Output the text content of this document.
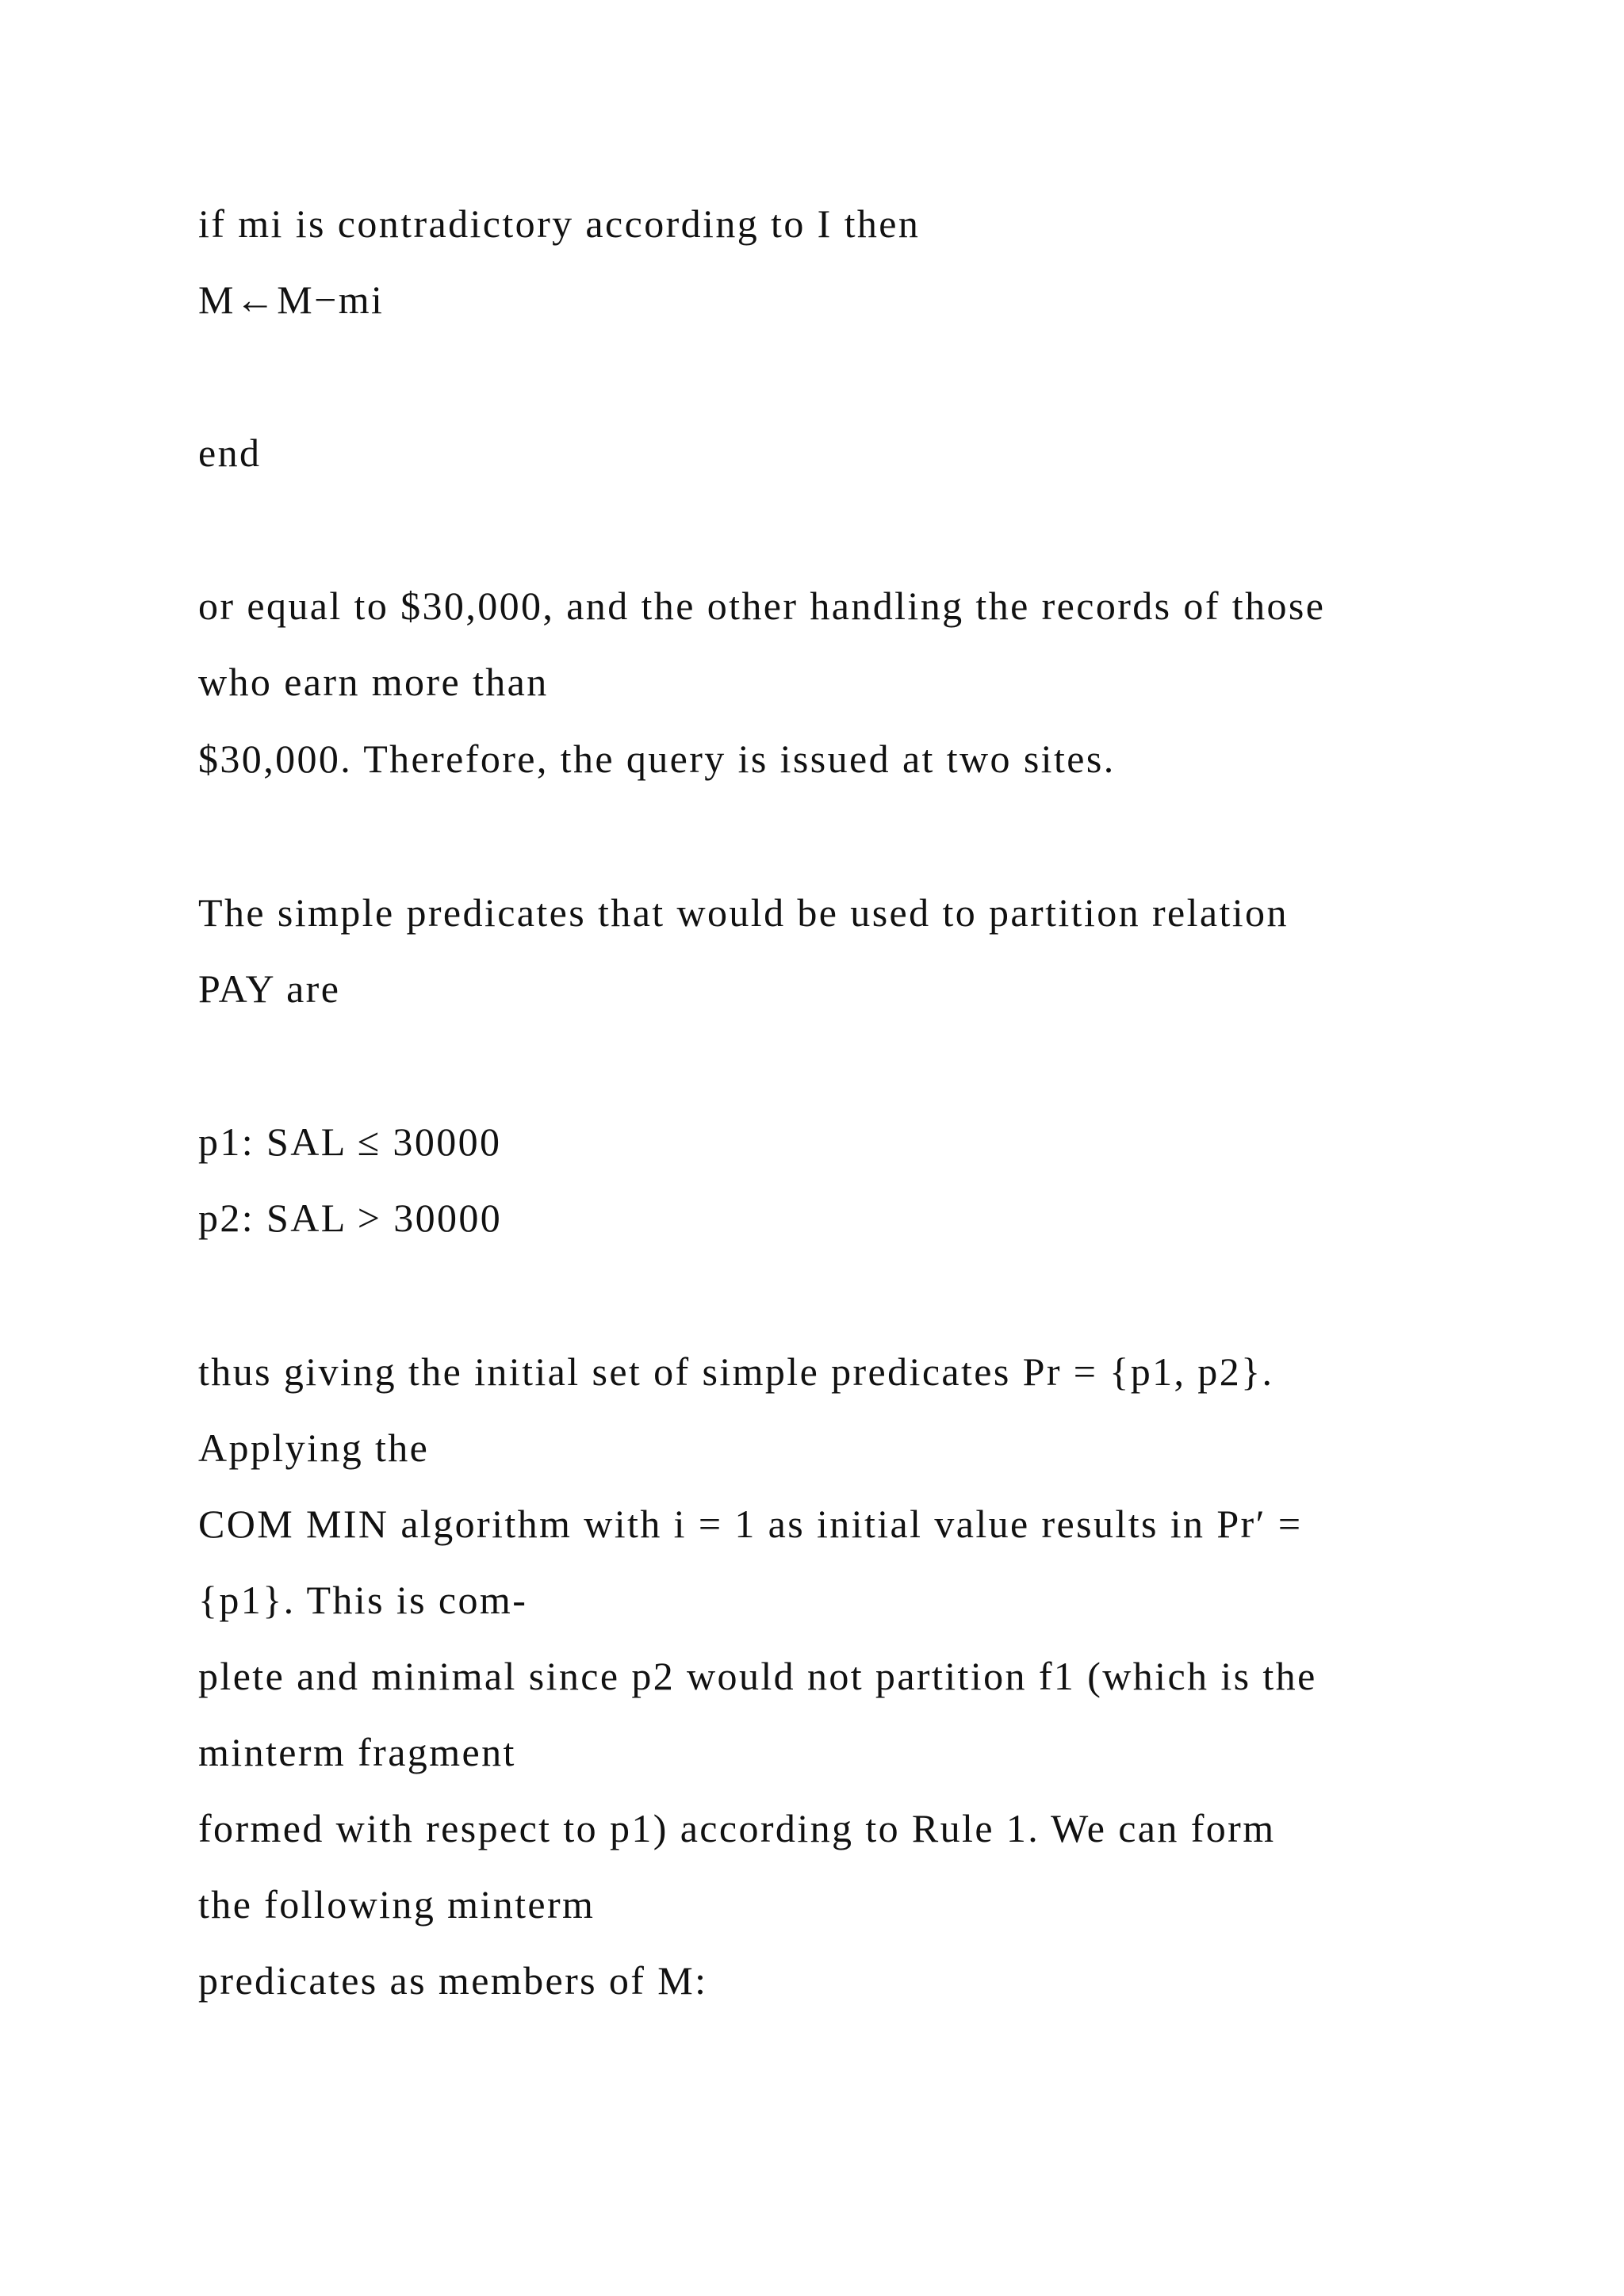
if mi is contradictory according to I then

M←M−mi

end

or equal to $30,000, and the other handling the records of those

who earn more than

$30,000. Therefore, the query is issued at two sites.

The simple predicates that would be used to partition relation

PAY are

p1: SAL ≤ 30000

p2: SAL > 30000

thus giving the initial set of simple predicates Pr = {p1, p2}.

Applying the

COM MIN algorithm with i = 1 as initial value results in Pr′ =

{p1}. This is com-

plete and minimal since p2 would not partition f1 (which is the

minterm fragment

formed with respect to p1) according to Rule 1. We can form

the following minterm

predicates as members of M:
